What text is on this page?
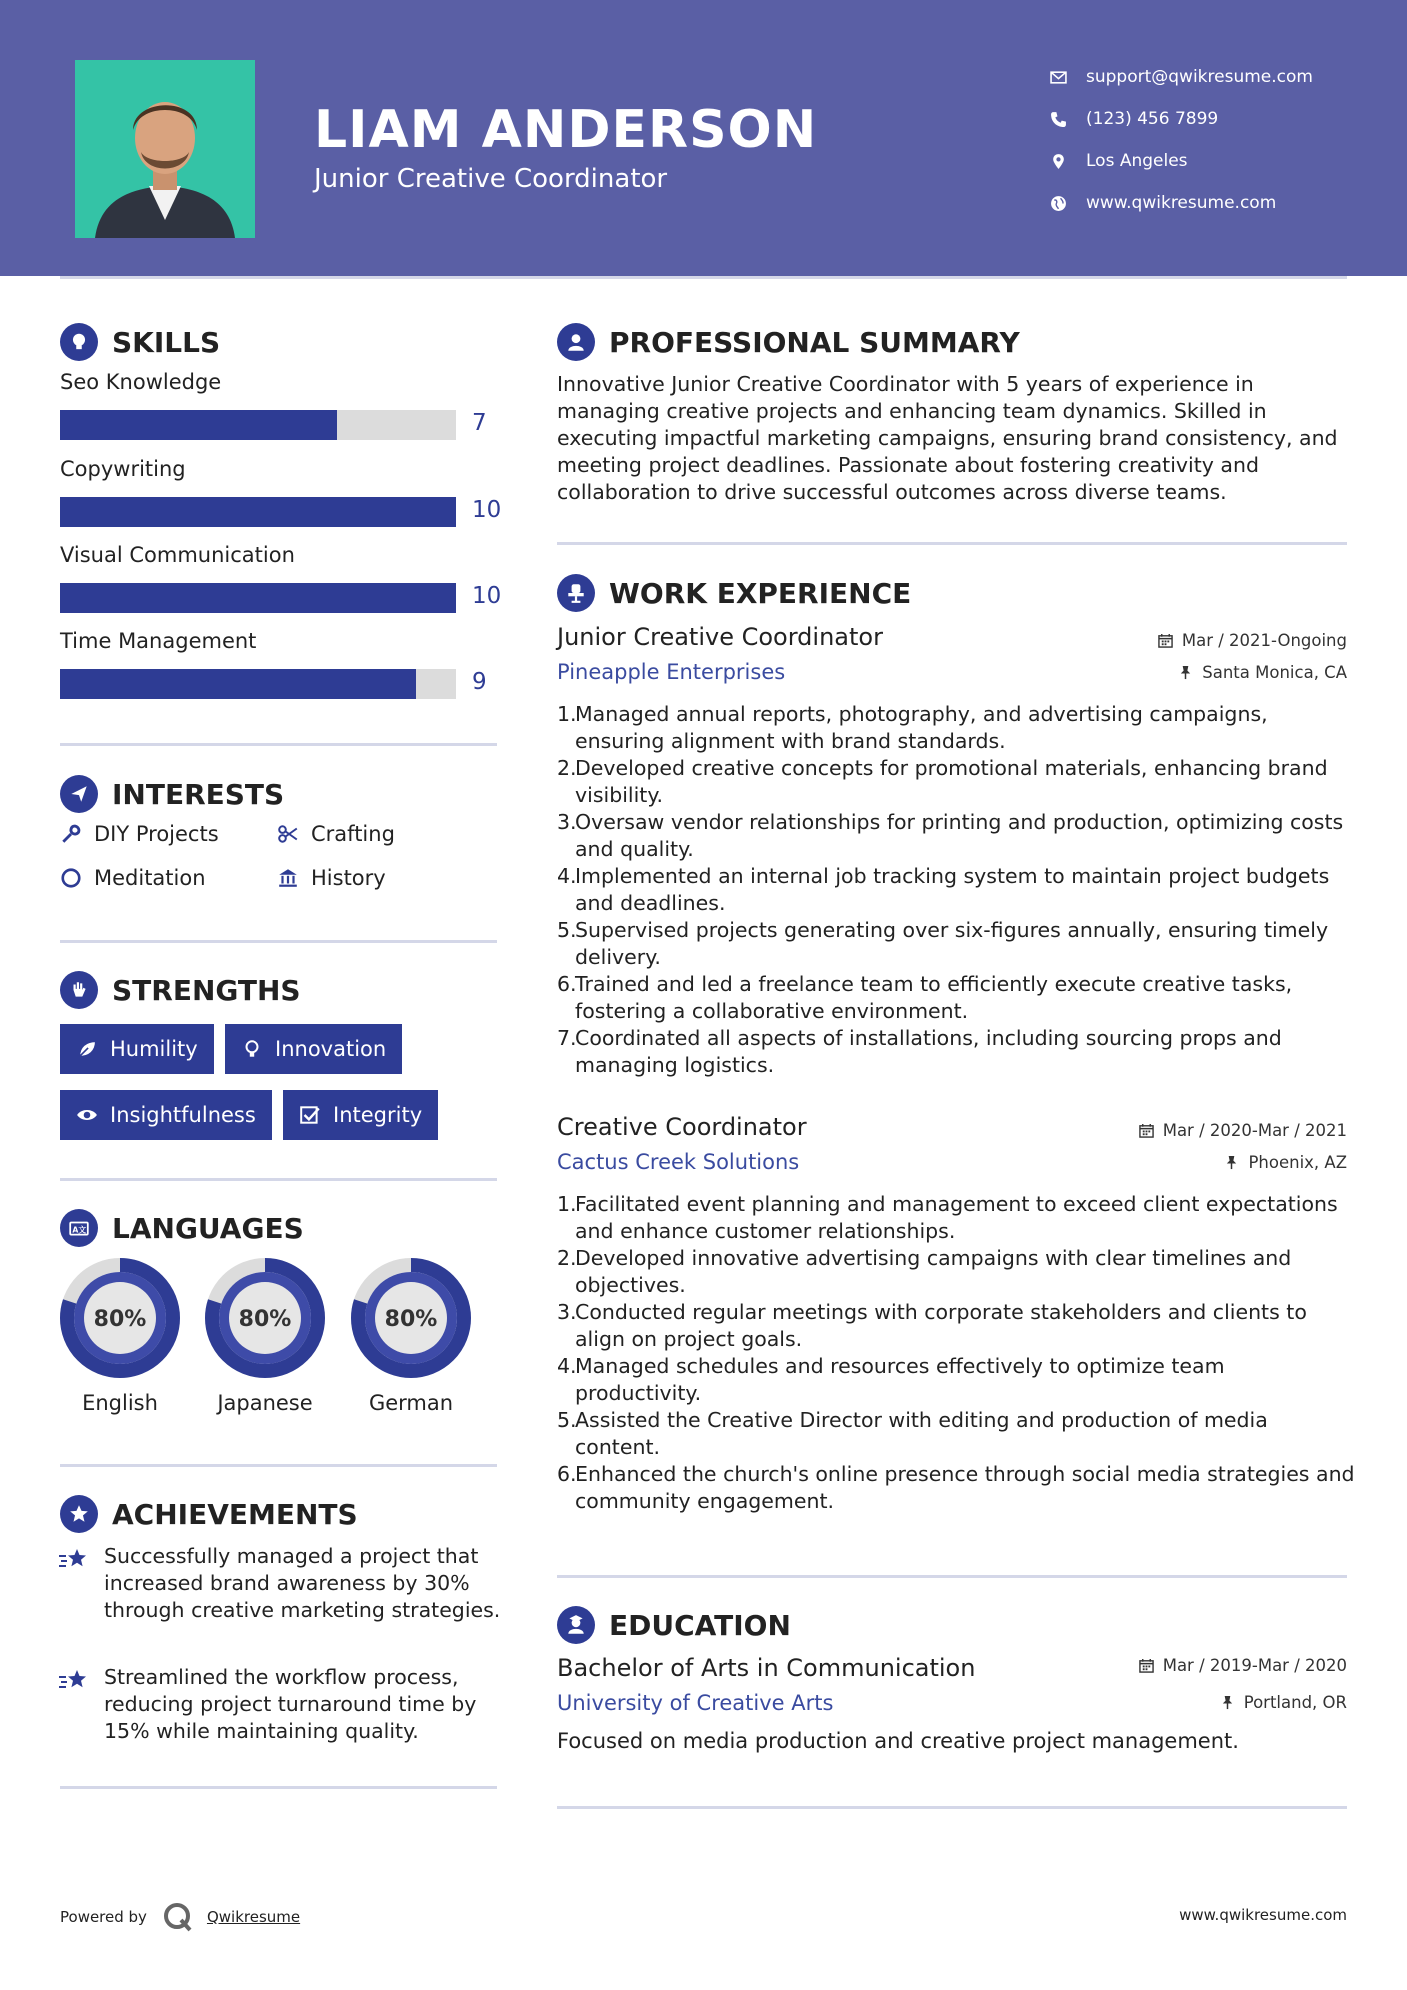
LIAM ANDERSON
Junior Creative Coordinator
support@qwikresume.com
(123) 456 7899
Los Angeles
www.qwikresume.com
SKILLS
Seo Knowledge
7
Copywriting
10
Visual Communication
10
Time Management
9
INTERESTS
DIY Projects	Crafting
Meditation	History
STRENGTHS
Humility	Innovation
Insightfulness	Integrity
A文 LANGUAGES
80%
English
80%
Japanese
80%
German
ACHIEVEMENTS
Successfully managed a project that increased brand awareness by 30% through creative marketing strategies.
Streamlined the workflow process, reducing project turnaround time by 15% while maintaining quality.
PROFESSIONAL SUMMARY
Innovative Junior Creative Coordinator with 5 years of experience in managing creative projects and enhancing team dynamics. Skilled in executing impactful marketing campaigns, ensuring brand consistency, and meeting project deadlines. Passionate about fostering creativity and collaboration to drive successful outcomes across diverse teams.
WORK EXPERIENCE
Junior Creative Coordinator
Pineapple Enterprises
Mar / 2021-Ongoing
Santa Monica, CA
1.
Managed annual reports, photography, and advertising campaigns, ensuring alignment with brand standards.
2.
Developed creative concepts for promotional materials, enhancing brand visibility.
3.
Oversaw vendor relationships for printing and production, optimizing costs and quality.
4.
Implemented an internal job tracking system to maintain project budgets and deadlines.
5.
Supervised projects generating over six-figures annually, ensuring timely delivery.
6.
Trained and led a freelance team to efficiently execute creative tasks, fostering a collaborative environment.
7.
Coordinated all aspects of installations, including sourcing props and managing logistics.
Creative Coordinator
Cactus Creek Solutions
Mar / 2020-Mar / 2021
Phoenix, AZ
1.
Facilitated event planning and management to exceed client expectations and enhance customer relationships.
2.
Developed innovative advertising campaigns with clear timelines and objectives.
3.
Conducted regular meetings with corporate stakeholders and clients to align on project goals.
4.
Managed schedules and resources effectively to optimize team productivity.
5.
Assisted the Creative Director with editing and production of media content.
6.
Enhanced the church's online presence through social media strategies and community engagement.
EDUCATION
Bachelor of Arts in Communication
University of Creative Arts
Mar / 2019-Mar / 2020
Portland, OR
Focused on media production and creative project management.
Powered by	Qwikresume	www.qwikresume.com
